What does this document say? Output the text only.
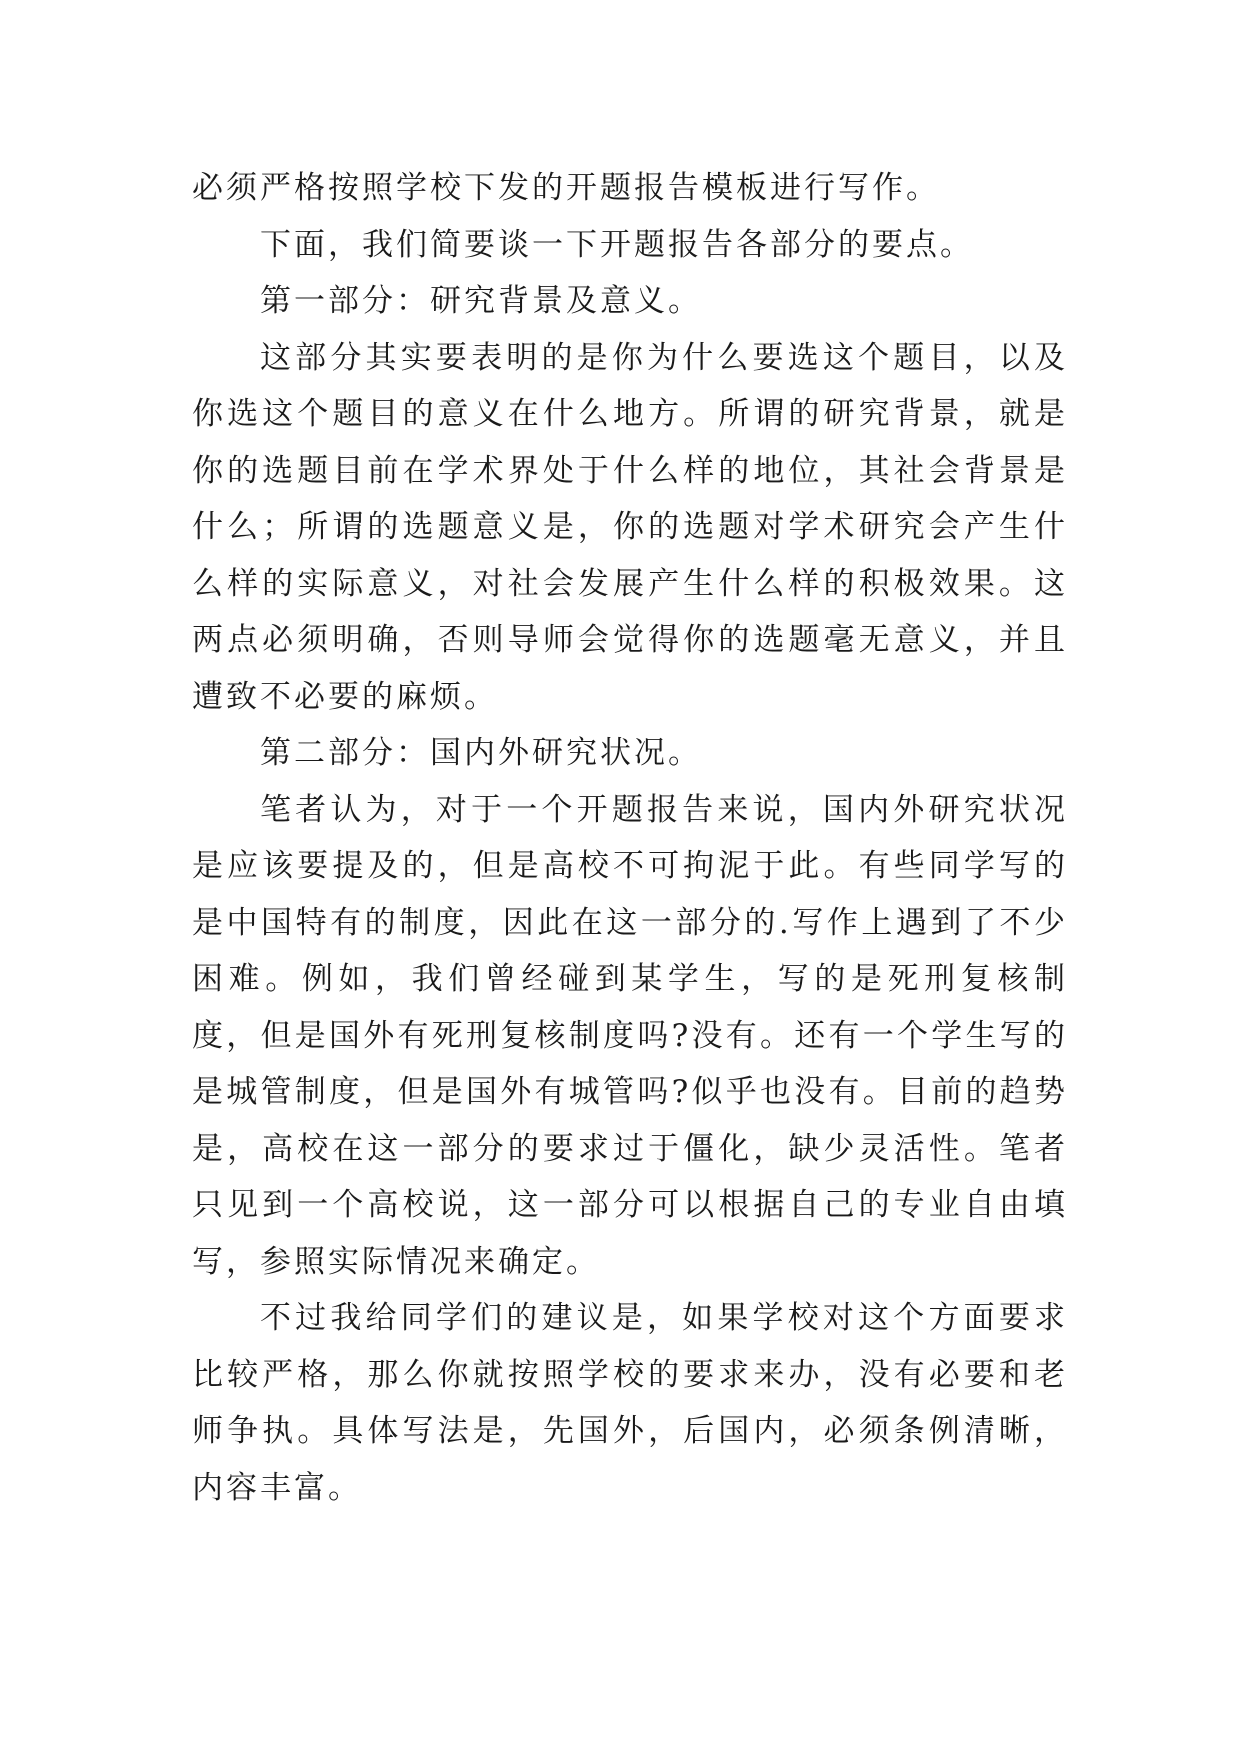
必须严格按照学校下发的开题报告模板进行写作。

下面，我们简要谈一下开题报告各部分的要点。

第一部分：研究背景及意义。

这部分其实要表明的是你为什么要选这个题目，以及你选这个题目的意义在什么地方。所谓的研究背景，就是你的选题目前在学术界处于什么样的地位，其社会背景是什么；所谓的选题意义是，你的选题对学术研究会产生什么样的实际意义，对社会发展产生什么样的积极效果。这两点必须明确，否则导师会觉得你的选题毫无意义，并且遭致不必要的麻烦。

第二部分：国内外研究状况。

笔者认为，对于一个开题报告来说，国内外研究状况是应该要提及的，但是高校不可拘泥于此。有些同学写的是中国特有的制度，因此在这一部分的.写作上遇到了不少困难。例如，我们曾经碰到某学生，写的是死刑复核制度，但是国外有死刑复核制度吗?没有。还有一个学生写的是城管制度，但是国外有城管吗?似乎也没有。目前的趋势是，高校在这一部分的要求过于僵化，缺少灵活性。笔者只见到一个高校说，这一部分可以根据自己的专业自由填写，参照实际情况来确定。

不过我给同学们的建议是，如果学校对这个方面要求比较严格，那么你就按照学校的要求来办，没有必要和老师争执。具体写法是，先国外，后国内，必须条例清晰，内容丰富。
